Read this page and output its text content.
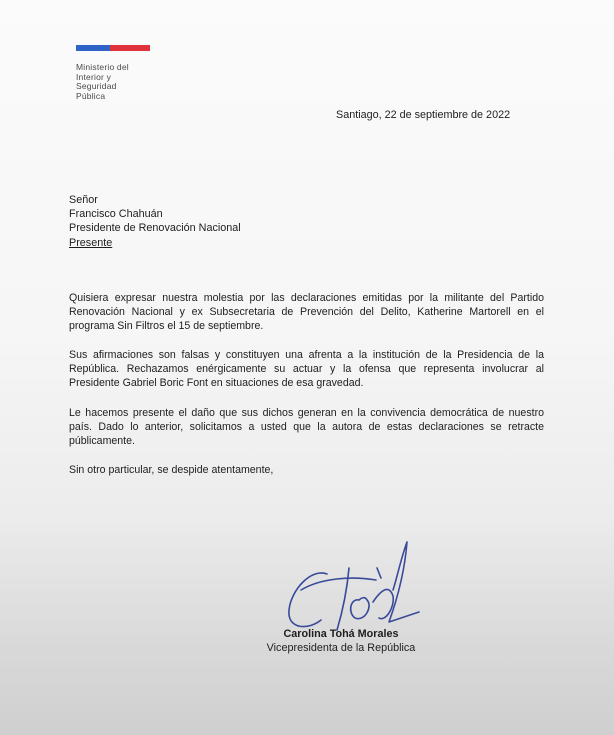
Ministerio del
Interior y
Seguridad
Pública
Santiago, 22 de septiembre de 2022
Señor
Francisco Chahuán
Presidente de Renovación Nacional
Presente

Quisiera expresar nuestra molestia por las declaraciones emitidas por la militante del Partido Renovación Nacional y ex Subsecretaria de Prevención del Delito, Katherine Martorell en el programa Sin Filtros el 15 de septiembre.

Sus afirmaciones son falsas y constituyen una afrenta a la institución de la Presidencia de la República. Rechazamos enérgicamente su actuar y la ofensa que representa involucrar al Presidente Gabriel Boric Font en situaciones de esa gravedad.

Le hacemos presente el daño que sus dichos generan en la convivencia democrática de nuestro país. Dado lo anterior, solicitamos a usted que la autora de estas declaraciones se retracte públicamente.

Sin otro particular, se despide atentamente,

Carolina Tohá Morales
Vicepresidenta de la República
